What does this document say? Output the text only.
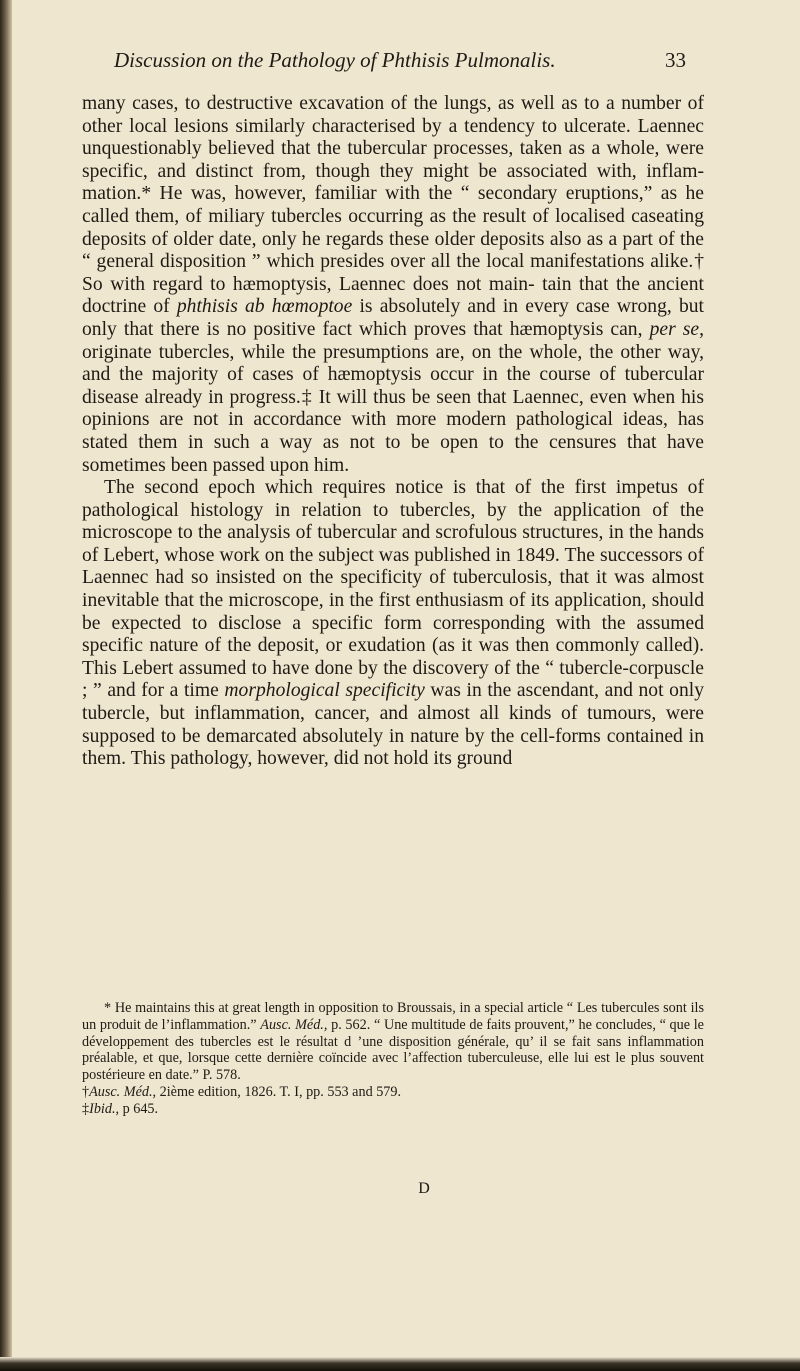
Discussion on the Pathology of Phthisis Pulmonalis.	33

many cases, to destructive excavation of the lungs, as well as to a number of other local lesions similarly characterised by a tendency to ulcerate. Laennec unquestionably believed that the tubercular processes, taken as a whole, were specific, and distinct from, though they might be associated with, inflam- mation.* He was, however, familiar with the “ secondary eruptions,” as he called them, of miliary tubercles occurring as the result of localised caseating deposits of older date, only he regards these older deposits also as a part of the “ general disposition ” which presides over all the local manifestations alike.† So with regard to hæmoptysis, Laennec does not main- tain that the ancient doctrine of phthisis ab hœmoptoe is absolutely and in every case wrong, but only that there is no positive fact which proves that hæmoptysis can, per se, originate tubercles, while the presumptions are, on the whole, the other way, and the majority of cases of hæmoptysis occur in the course of tubercular disease already in progress.‡ It will thus be seen that Laennec, even when his opinions are not in accordance with more modern pathological ideas, has stated them in such a way as not to be open to the censures that have sometimes been passed upon him.

The second epoch which requires notice is that of the first impetus of pathological histology in relation to tubercles, by the application of the microscope to the analysis of tubercular and scrofulous structures, in the hands of Lebert, whose work on the subject was published in 1849. The successors of Laennec had so insisted on the specificity of tuberculosis, that it was almost inevitable that the microscope, in the first enthusiasm of its application, should be expected to disclose a specific form corresponding with the assumed specific nature of the deposit, or exudation (as it was then commonly called). This Lebert assumed to have done by the discovery of the “ tubercle-corpuscle ; ” and for a time morphological specificity was in the ascendant, and not only tubercle, but inflammation, cancer, and almost all kinds of tumours, were supposed to be demarcated absolutely in nature by the cell-forms contained in them. This pathology, however, did not hold its ground

* He maintains this at great length in opposition to Broussais, in a special article “ Les tubercules sont ils un produit de l’inflammation.” Ausc. Méd., p. 562. “ Une multitude de faits prouvent,” he concludes, “ que le développement des tubercles est le résultat d ’une disposition générale, qu’ il se fait sans inflammation préalable, et que, lorsque cette dernière coïncide avec l’affection tuberculeuse, elle lui est le plus souvent postérieure en date.” P. 578.

†Ausc. Méd., 2ième edition, 1826. T. I, pp. 553 and 579.

‡Ibid., p 645.

D
